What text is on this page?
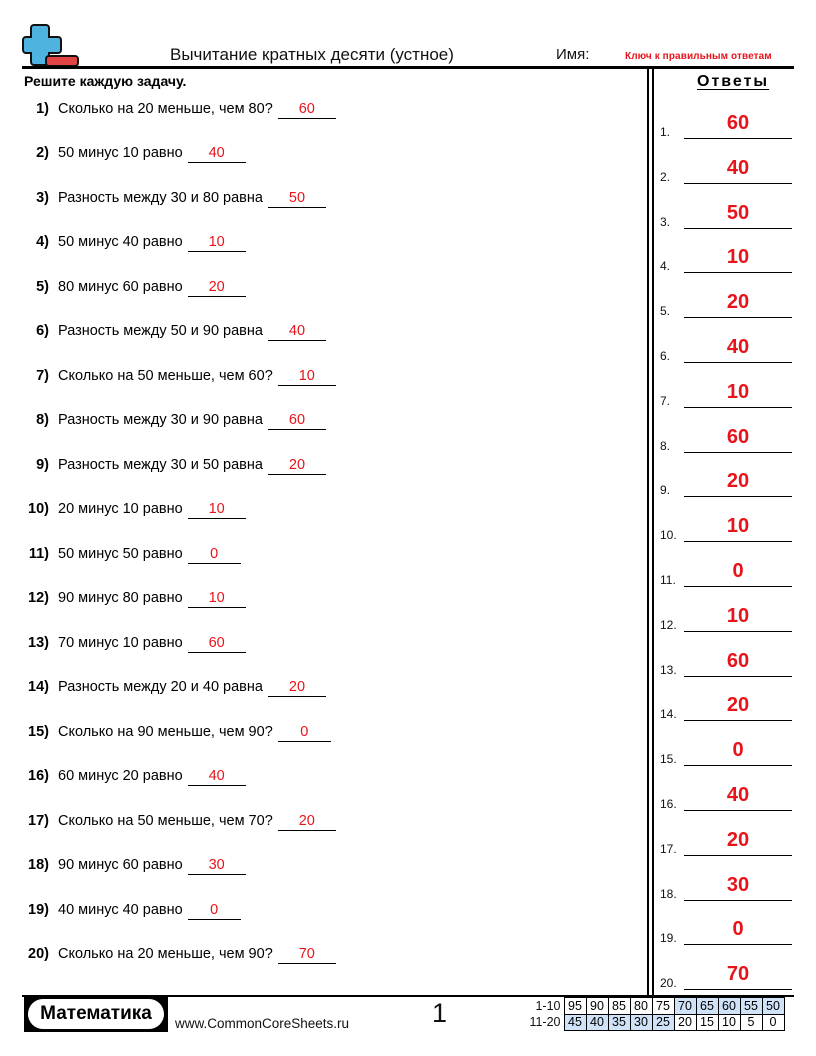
Вычитание кратных десяти (устное)	Имя:	Ключ к правильным ответам
Решите каждую задачу.	Ответы
1) Сколько на 20 меньше, чем 80?	60
2) 50 минус 10 равно	40
3) Разность между 30 и 80 равна	50
4) 50 минус 40 равно	10
5) 80 минус 60 равно	20
6) Разность между 50 и 90 равна	40
7) Сколько на 50 меньше, чем 60?	10
8) Разность между 30 и 90 равна	60
9) Разность между 30 и 50 равна	20
10) 20 минус 10 равно	10
11) 50 минус 50 равно	0
12) 90 минус 80 равно	10
13) 70 минус 10 равно	60
14) Разность между 20 и 40 равна	20
15) Сколько на 90 меньше, чем 90?	0
16) 60 минус 20 равно	40
17) Сколько на 50 меньше, чем 70?	20
18) 90 минус 60 равно	30
19) 40 минус 40 равно	0
20) Сколько на 20 меньше, чем 90?	70
1.	60
2.	40
3.	50
4.	10
5.	20
6.	40
7.	10
8.	60
9.	20
10.	10
11.	0
12.	10
13.	60
14.	20
15.	0
16.	40
17.	20
18.	30
19.	0
20.	70
Математика	www.CommonCoreSheets.ru	1	1-10	95	90	85	80	75	70	65	60	55	50
11-20	45	40	35	30	25	20	15	10	5	0
